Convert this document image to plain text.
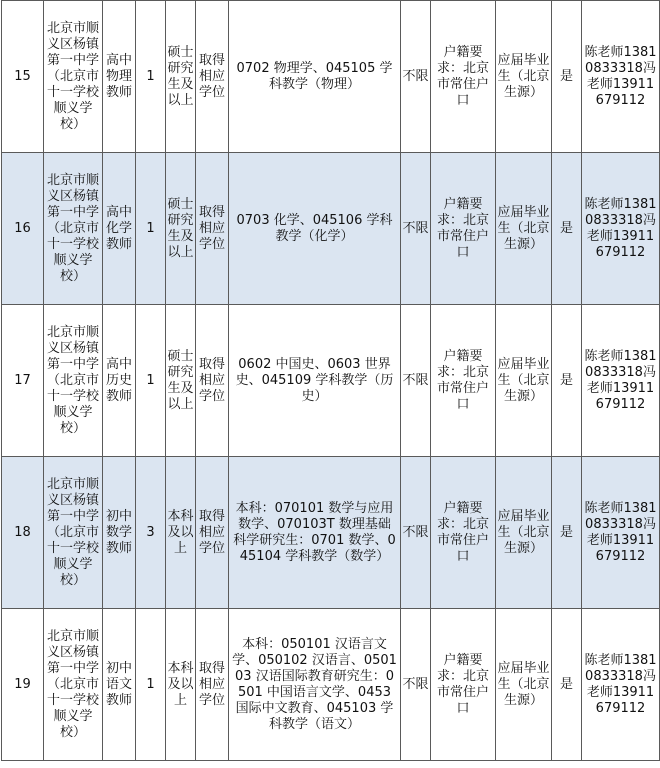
15	北京市顺义区杨镇第一中学（北京市十一学校顺义学校）	高中物理教师	1	硕士研究生及以上	取得相应学位	0702 物理学、045105 学科教学（物理）	不限	户籍要求：北京市常住户口	应届毕业生（北京生源）	是	陈老师13810833318冯老师13911679112
16	北京市顺义区杨镇第一中学（北京市十一学校顺义学校）	高中化学教师	1	硕士研究生及以上	取得相应学位	0703 化学、045106 学科教学（化学）	不限	户籍要求：北京市常住户口	应届毕业生（北京生源）	是	陈老师13810833318冯老师13911679112
17	北京市顺义区杨镇第一中学（北京市十一学校顺义学校）	高中历史教师	1	硕士研究生及以上	取得相应学位	0602 中国史、0603 世界史、045109 学科教学（历史）	不限	户籍要求：北京市常住户口	应届毕业生（北京生源）	是	陈老师13810833318冯老师13911679112
18	北京市顺义区杨镇第一中学（北京市十一学校顺义学校）	初中数学教师	3	本科及以上	取得相应学位	本科：070101 数学与应用数学、070103T 数理基础科学研究生：0701 数学、045104 学科教学（数学）	不限	户籍要求：北京市常住户口	应届毕业生（北京生源）	是	陈老师13810833318冯老师13911679112
19	北京市顺义区杨镇第一中学（北京市十一学校顺义学校）	初中语文教师	1	本科及以上	取得相应学位	本科：050101 汉语言文学、050102 汉语言、050103 汉语国际教育研究生：0501 中国语言文学、0453 国际中文教育、045103 学科教学（语文）	不限	户籍要求：北京市常住户口	应届毕业生（北京生源）	是	陈老师13810833318冯老师13911679112
